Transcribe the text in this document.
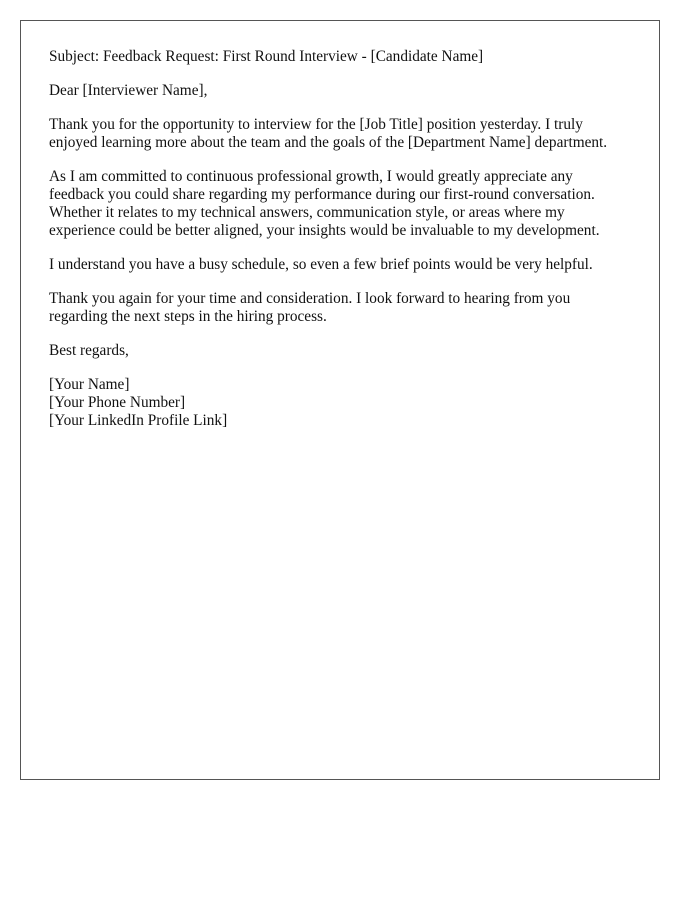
Subject: Feedback Request: First Round Interview - [Candidate Name]

Dear [Interviewer Name],

Thank you for the opportunity to interview for the [Job Title] position yesterday. I truly
enjoyed learning more about the team and the goals of the [Department Name] department.

As I am committed to continuous professional growth, I would greatly appreciate any
feedback you could share regarding my performance during our first-round conversation.
Whether it relates to my technical answers, communication style, or areas where my
experience could be better aligned, your insights would be invaluable to my development.

I understand you have a busy schedule, so even a few brief points would be very helpful.

Thank you again for your time and consideration. I look forward to hearing from you
regarding the next steps in the hiring process.

Best regards,

[Your Name]
[Your Phone Number]
[Your LinkedIn Profile Link]
